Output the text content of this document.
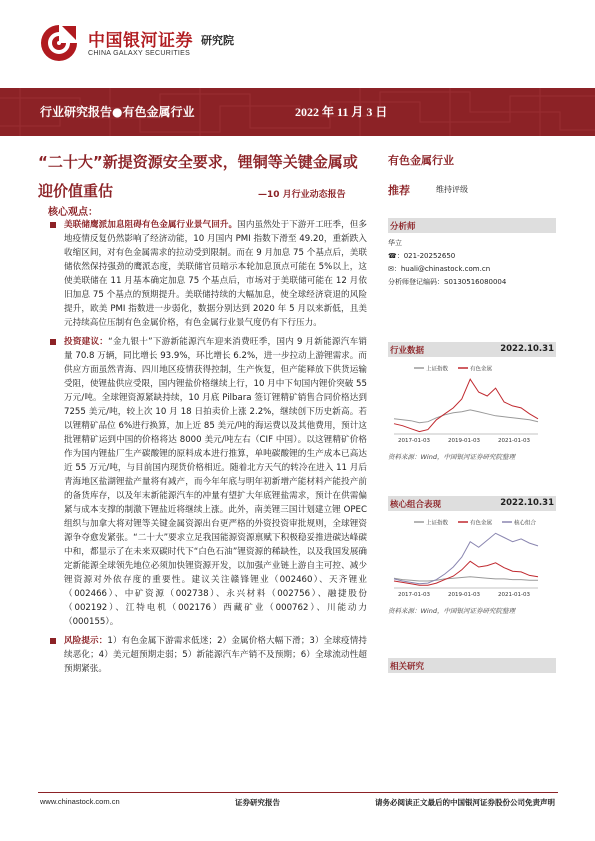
中国银河证券
CHINA GALAXY SECURITIES
研究院
行业研究报告●有色金属行业	2022 年 11 月 3 日
“二十大”新提资源安全要求，锂铜等关键金属或迎价值重估	—10 月行业动态报告
核心观点：
美联储鹰派加息阻碍有色金属行业景气回升。国内虽然处于下游开工旺季，但多地疫情反复仍然影响了经济动能，10 月国内 PMI 指数下滑至 49.20，重新跌入收缩区间，对有色金属需求的拉动受到限制。而在 9 月加息 75 个基点后，美联储依然保持强劲的鹰派态度，美联储官员暗示本轮加息顶点可能在 5%以上，这使美联储在 11 月基本确定加息 75 个基点后，市场对于美联储可能在 12 月依旧加息 75 个基点的预期提升。美联储持续的大幅加息，使全球经济衰退的风险提升，欧美 PMI 指数进一步弱化，数据分别达到 2020 年 5 月以来新低，且美元持续高位压制有色金属价格，有色金属行业景气度仍有下行压力。
投资建议：“金九银十”下游新能源汽车迎来消费旺季，国内 9 月新能源汽车销量 70.8 万辆，同比增长 93.9%，环比增长 6.2%，进一步拉动上游锂需求。而供应方面虽然青海、四川地区疫情获得控制，生产恢复，但产能释放下供货运输受阻，使锂盐供应受限，国内锂盐价格继续上行，10 月中下旬国内锂价突破 55 万元/吨。全球锂资源紧缺持续，10 月底 Pilbara 签订锂精矿销售合同价格达到 7255 美元/吨，较上次 10 月 18 日拍卖价上涨 2.2%，继续创下历史新高。若以锂精矿品位 6%进行换算，加上近 85 美元/吨的海运费以及其他费用，预计这批锂精矿运到中国的价格将达 8000 美元/吨左右（CIF 中国）。以这锂精矿价格作为国内锂盐厂生产碳酸锂的原料成本进行推算，单吨碳酸锂的生产成本已高达近 55 万元/吨，与目前国内现货价格相近。随着北方天气的转冷在进入 11 月后青海地区盐湖锂盐产量将有减产，而今年年底与明年初新增产能材料产能投产前的备货库存，以及年末新能源汽车的冲量有望扩大年底锂盐需求，预计在供需偏紧与成本支撑的制激下锂盐近将继续上涨。此外，南美锂三国计划建立锂 OPEC 组织与加拿大将对锂等关键金属资源出台更严格的外资投资审批规则，全球锂资源争夺愈发紧张。“二十大”要求立足我国能源资源禀赋下积极稳妥推进碳达峰碳中和，都显示了在未来双碳时代下“白色石油”锂资源的稀缺性，以及我国发展确定新能源全球领先地位必须加快锂资源开发，以加强产业链上游自主可控、减少锂资源对外依存度的重要性。建议关注赣锋锂业（002460）、天齐锂业（002466）、中矿资源（002738）、永兴材料（002756）、融捷股份（002192）、江特电机（002176）西藏矿业（000762）、川能动力（000155）。
风险提示：1）有色金属下游需求低迷；2）金属价格大幅下滑；3）全球疫情持续恶化；4）美元超预期走弱；5）新能源汽车产销不及预期；6）全球流动性超预期紧张。
有色金属行业
推荐	维持评级
分析师
华立
☎：021-20252650
✉：huali@chinastock.com.cn
分析师登记编码：S0130516080004
行业数据	2022.10.31
上证指数	有色金属
2017-01-03	2019-01-03	2021-01-03
资料来源：Wind，中国银河证券研究院整理
核心组合表现	2022.10.31
上证指数	有色金属	核心组合
2017-01-03	2019-01-03	2021-01-03
资料来源：Wind，中国银河证券研究院整理
相关研究
www.chinastock.com.cn	证券研究报告	请务必阅读正文最后的中国银河证券股份公司免责声明
